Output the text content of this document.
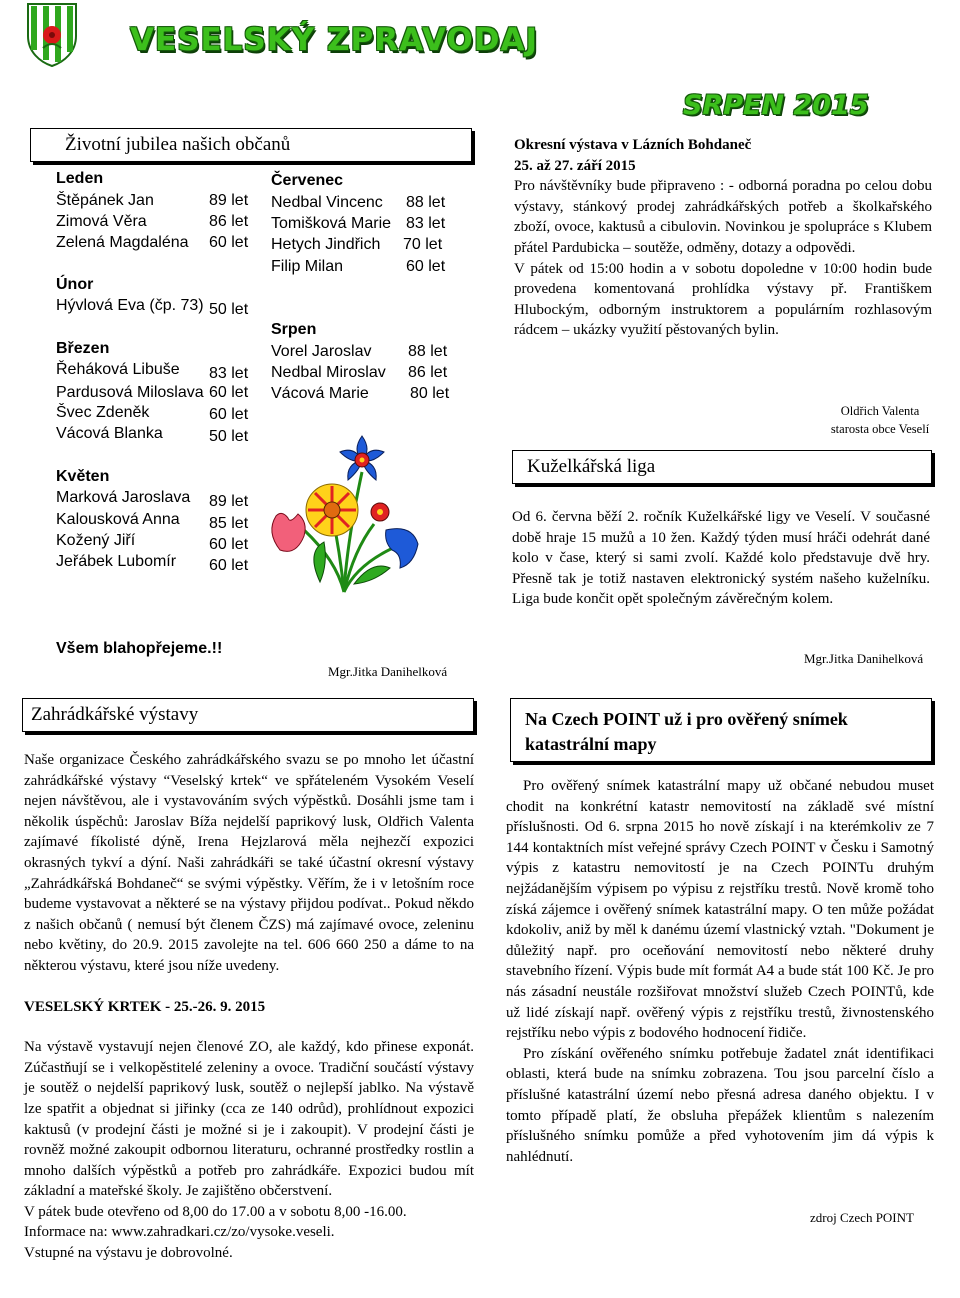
VESELSKÝ ZPRAVODAJ
SRPEN 2015
Životní jubilea našich občanů
Leden
Štěpánek Jan	89 let
Zimová Věra	86 let
Zelená Magdaléna 60 let
Únor
Hývlová Eva (čp. 73) 50 let
Březen
Řeháková Libuše 83 let
Pardusová Miloslava 60 let
Švec Zdeněk	60 let
Vácová Blanka	50 let
Květen
Marková Jaroslava 89 let
Kalousková Anna 85 let
Kožený Jiří	60 let
Jeřábek Lubomír 60 let
Červenec
Nedbal Vincenc 88 let
Tomišková Marie 83 let
Hetych Jindřich 70 let
Filip Milan	60 let
Srpen
Vorel Jaroslav 88 let
Nedbal Miroslav 86 let
Vácová Marie	80 let
Všem blahopřejeme.!!
Mgr.Jitka Danihelková

Okresní výstava v Lázních Bohdaneč

25. až 27. září 2015

Pro návštěvníky bude připraveno : - odborná poradna po celou dobu výstavy, stánkový prodej zahrádkářských potřeb a školkařského zboží, ovoce, kaktusů a cibulovin. Novinkou je spolupráce s Klubem přátel Pardubicka – soutěže, odměny, dotazy a odpovědi.

V pátek od 15:00 hodin a v sobotu dopoledne v 10:00 hodin bude provedena komentovaná prohlídka výstavy př. Františkem Hlubockým, odborným instruktorem a populárním rozhlasovým rádcem – ukázky využití pěstovaných bylin.

Oldřich Valenta
starosta obce Veselí
Kuželkářská liga
Od 6. června běží 2. ročník Kuželkářské ligy ve Veselí. V současné době hraje 15 mužů a 10 žen. Každý týden musí hráči odehrát dané kolo v čase, který si sami zvolí. Každé kolo představuje dvě hry. Přesně tak je totiž nastaven elektronický systém našeho kuželníku. Liga bude končit opět společným závěrečným kolem.
Mgr.Jitka Danihelková
Zahrádkářské výstavy

Naše organizace Českého zahrádkářského svazu se po mnoho let účastní zahrádkářské výstavy “Veselský krtek“ ve spřáteleném Vysokém Veselí nejen návštěvou, ale i vystavováním svých výpěstků. Dosáhli jsme tam i několik úspěchů: Jaroslav Bíža nejdelší paprikový lusk, Oldřich Valenta zajímavé fíkolisté dýně, Irena Hejzlarová měla nejhezčí expozici okrasných tykví a dýní. Naši zahrádkáři se také účastní okresní výstavy „Zahrádkářská Bohdaneč“ se svými výpěstky. Věřím, že i v letošním roce budeme vystavovat a některé se na výstavy přijdou podívat.. Pokud někdo z našich občanů ( nemusí být členem ČZS) má zajímavé ovoce, zeleninu nebo květiny, do 20.9. 2015 zavolejte na tel. 606 660 250 a dáme to na některou výstavu, které jsou níže uvedeny.

VESELSKÝ KRTEK - 25.-26. 9. 2015

Na výstavě vystavují nejen členové ZO, ale každý, kdo přinese exponát. Zúčastňují se i velkopěstitelé zeleniny a ovoce. Tradiční součástí výstavy je soutěž o nejdelší paprikový lusk, soutěž o nejlepší jablko. Na výstavě lze spatřit a objednat si jiřinky (cca ze 140 odrůd), prohlídnout expozici kaktusů (v prodejní části je možné si je i zakoupit). V prodejní části je rovněž možné zakoupit odbornou literaturu, ochranné prostředky rostlin a mnoho dalších výpěstků a potřeb pro zahrádkáře. Expozici budou mít základní a mateřské školy. Je zajištěno občerstvení.

V pátek bude otevřeno od 8,00 do 17.00 a v sobotu 8,00 -16.00.

Informace na: www.zahradkari.cz/zo/vysoke.veseli.

Vstupné na výstavu je dobrovolné.

Na Czech POINT už i pro ověřený snímek katastrální mapy

Pro ověřený snímek katastrální mapy už občané nebudou muset chodit na konkrétní katastr nemovitostí na základě své místní příslušnosti. Od 6. srpna 2015 ho nově získají i na kterémkoliv ze 7 144 kontaktních míst veřejné správy Czech POINT v Česku i Samotný výpis z katastru nemovitostí je na Czech POINTu druhým nejžádanějším výpisem po výpisu z rejstříku trestů. Nově kromě toho získá zájemce i ověřený snímek katastrální mapy. O ten může požádat kdokoliv, aniž by měl k danému území vlastnický vztah. "Dokument je důležitý např. pro oceňování nemovitostí nebo některé druhy stavebního řízení. Výpis bude mít formát A4 a bude stát 100 Kč. Je pro nás zásadní neustále rozšiřovat množství služeb Czech POINTů, kde už lidé získají např. ověřený výpis z rejstříku trestů, živnostenského rejstříku nebo výpis z bodového hodnocení řidiče.

Pro získání ověřeného snímku potřebuje žadatel znát identifikaci oblasti, která bude na snímku zobrazena. Tou jsou parcelní číslo a příslušné katastrální území nebo přesná adresa daného objektu. I v tomto případě platí, že obsluha přepážek klientům s nalezením příslušného snímku pomůže a před vyhotovením jim dá výpis k nahlédnutí.

zdroj Czech POINT
